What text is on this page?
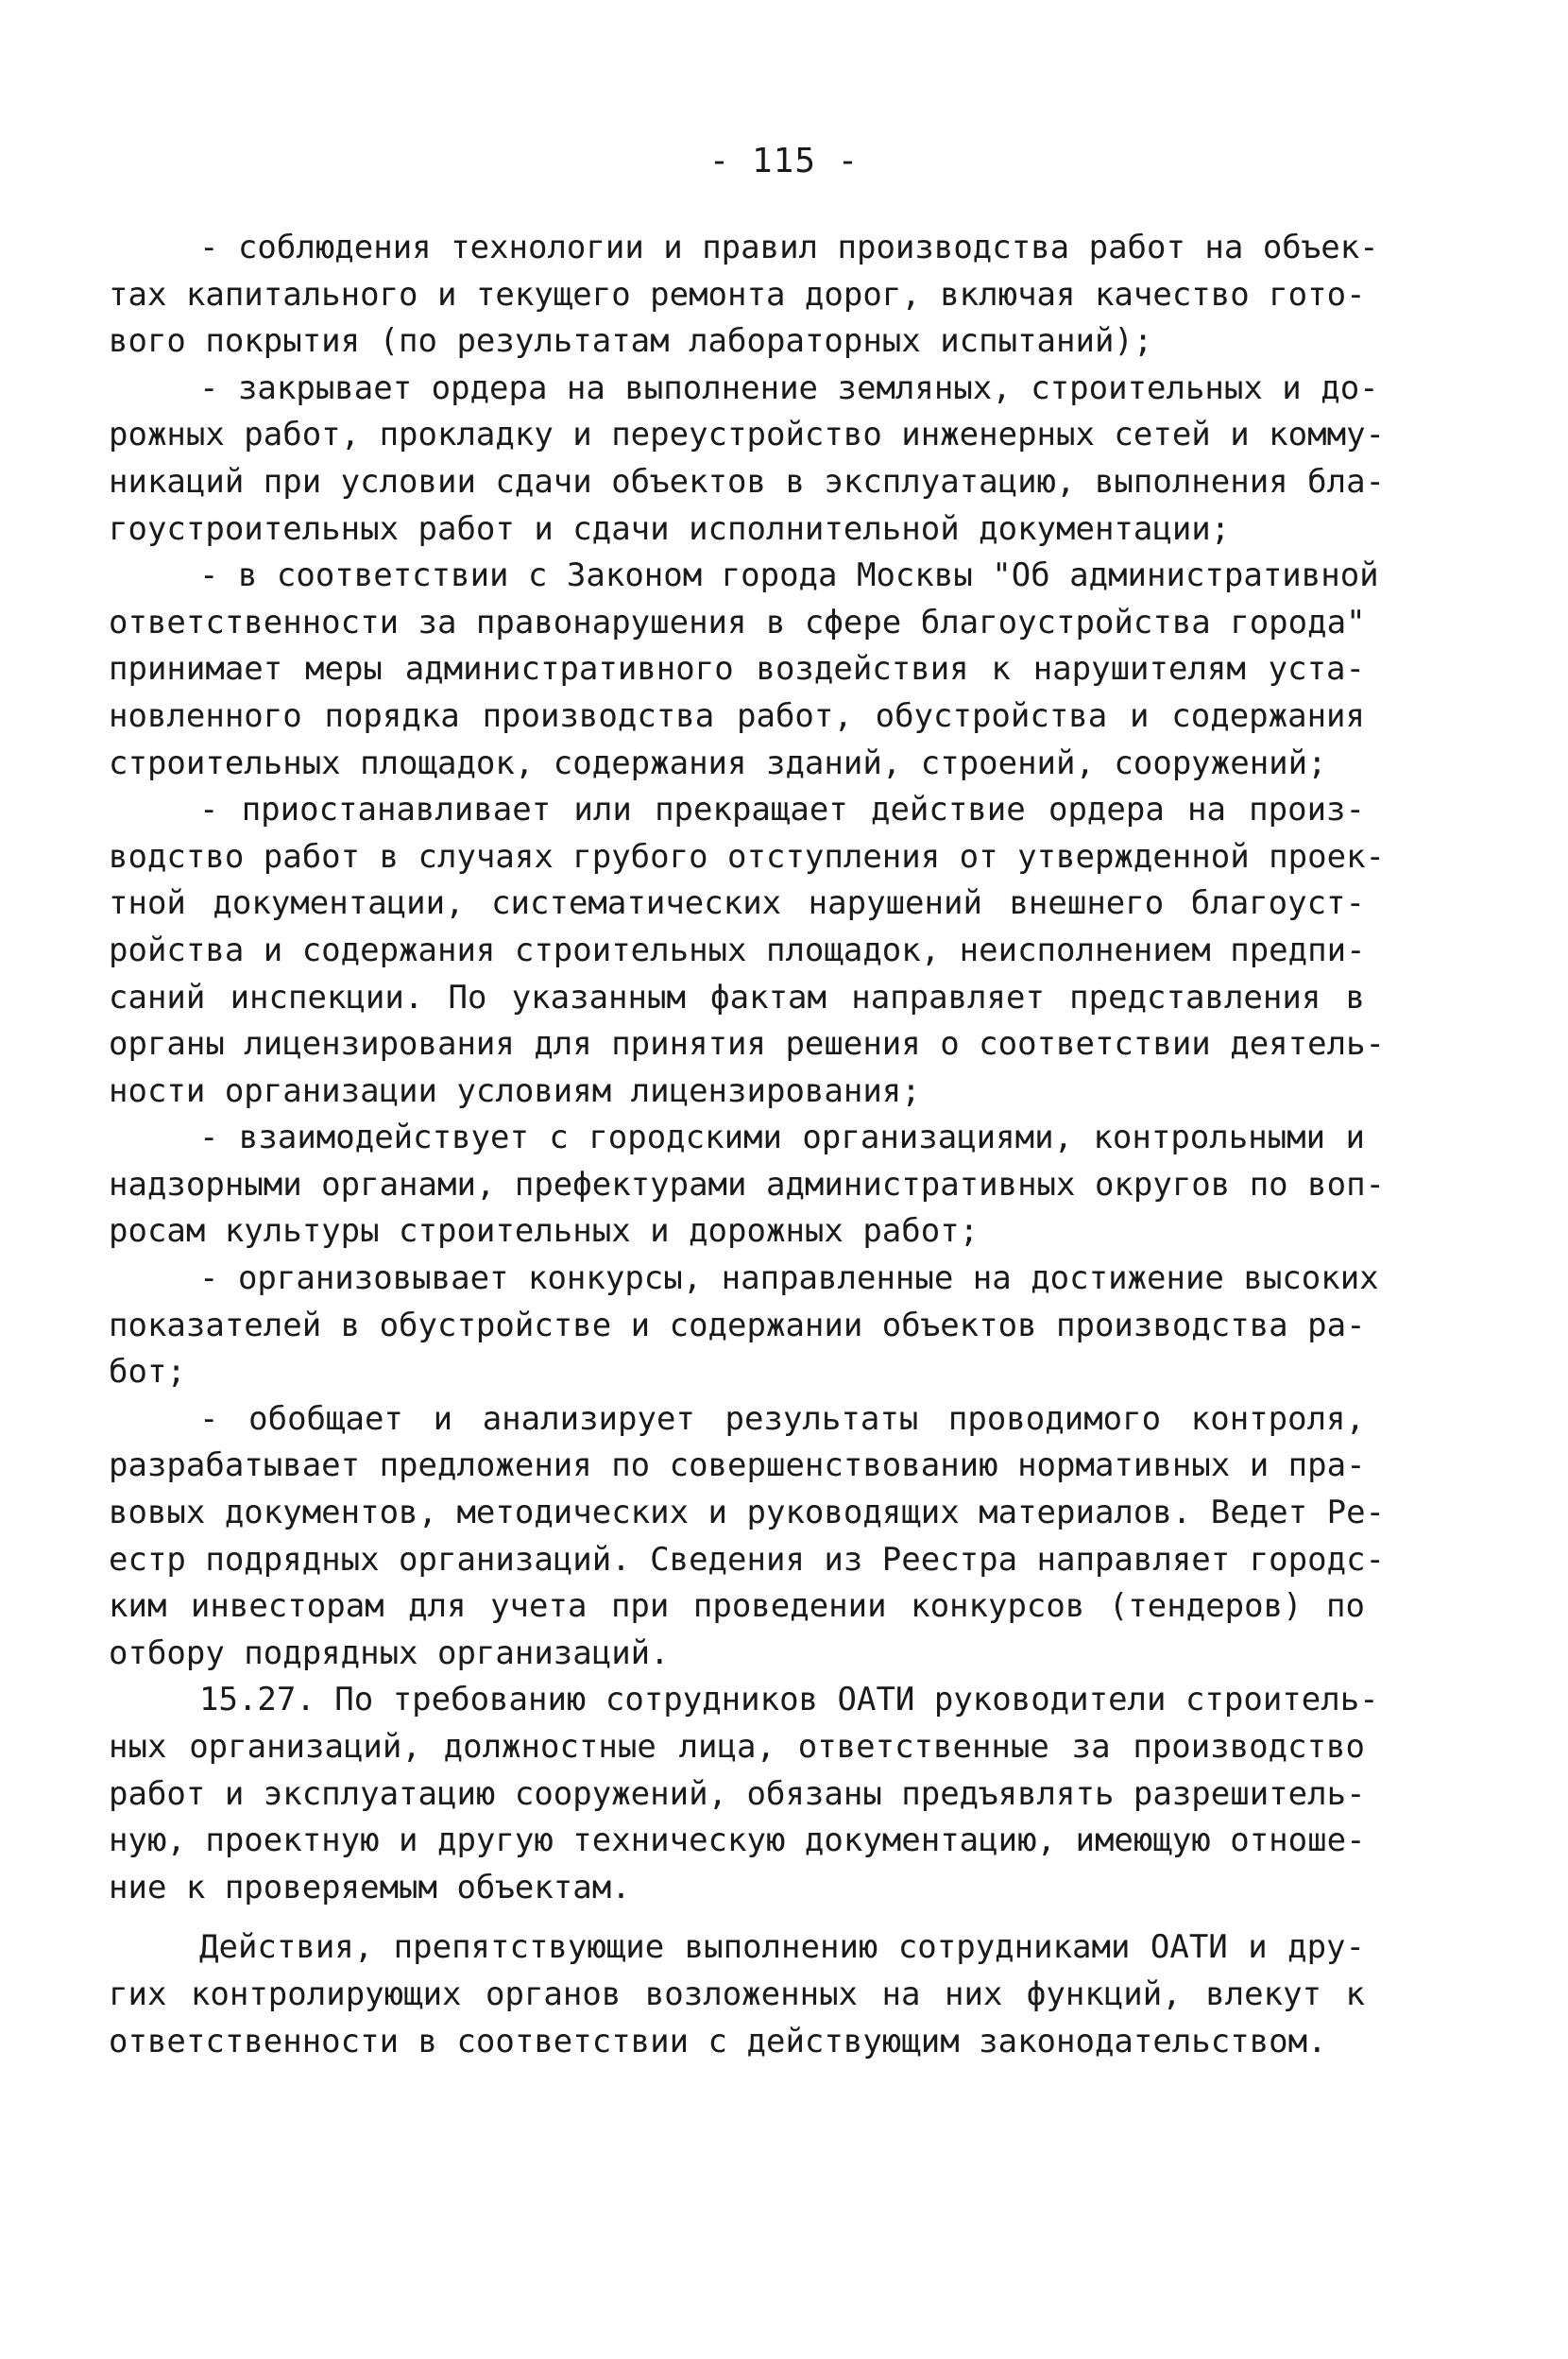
- 115 -
- соблюдения технологии и правил производства работ на объек-
тах капитального и текущего ремонта дорог, включая качество гото-
вого покрытия (по результатам лабораторных испытаний);
- закрывает ордера на выполнение земляных, строительных и до-
рожных работ, прокладку и переустройство инженерных сетей и комму-
никаций при условии сдачи объектов в эксплуатацию, выполнения бла-
гоустроительных работ и сдачи исполнительной документации;
- в соответствии с Законом города Москвы "Об административной
ответственности за правонарушения в сфере благоустройства города"
принимает меры административного воздействия к нарушителям уста-
новленного порядка производства работ, обустройства и содержания
строительных площадок, содержания зданий, строений, сооружений;
- приостанавливает или прекращает действие ордера на произ-
водство работ в случаях грубого отступления от утвержденной проек-
тной документации, систематических нарушений внешнего благоуст-
ройства и содержания строительных площадок, неисполнением предпи-
саний инспекции. По указанным фактам направляет представления в
органы лицензирования для принятия решения о соответствии деятель-
ности организации условиям лицензирования;
- взаимодействует с городскими организациями, контрольными и
надзорными органами, префектурами административных округов по воп-
росам культуры строительных и дорожных работ;
- организовывает конкурсы, направленные на достижение высоких
показателей в обустройстве и содержании объектов производства ра-
бот;
- обобщает и анализирует результаты проводимого контроля,
разрабатывает предложения по совершенствованию нормативных и пра-
вовых документов, методических и руководящих материалов. Ведет Ре-
естр подрядных организаций. Сведения из Реестра направляет городс-
ким инвесторам для учета при проведении конкурсов (тендеров) по
отбору подрядных организаций.
15.27. По требованию сотрудников ОАТИ руководители строитель-
ных организаций, должностные лица, ответственные за производство
работ и эксплуатацию сооружений, обязаны предъявлять разрешитель-
ную, проектную и другую техническую документацию, имеющую отноше-
ние к проверяемым объектам.
Действия, препятствующие выполнению сотрудниками ОАТИ и дру-
гих контролирующих органов возложенных на них функций, влекут к
ответственности в соответствии с действующим законодательством.
